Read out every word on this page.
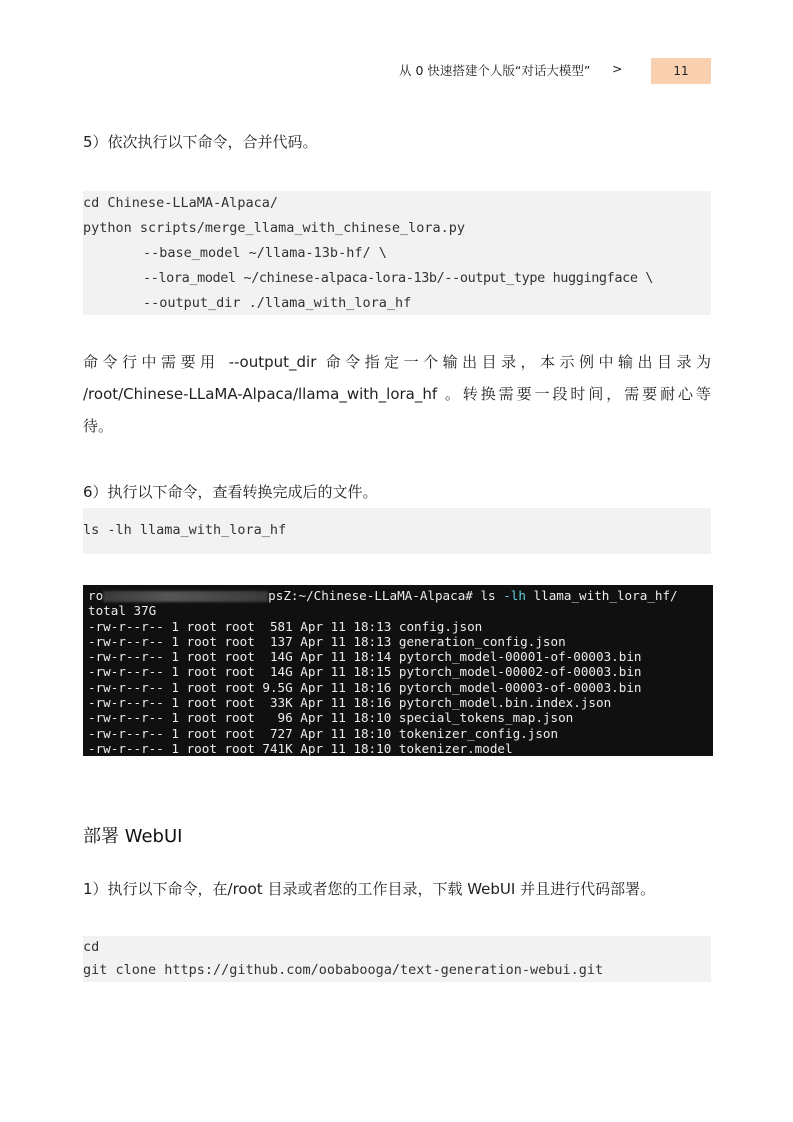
从 0 快速搭建个人版“对话大模型” >	11
5）依次执行以下命令，合并代码。

cd Chinese-LLaMA-Alpaca/

python scripts/merge_llama_with_chinese_lora.py

--base_model ~/llama-13b-hf/ \

--lora_model ~/chinese-alpaca-lora-13b/--output_type huggingface \

--output_dir ./llama_with_lora_hf

命令行中需要用 --output_dir 命令指定一个输出目录，本示例中输出目录为
/root/Chinese-LLaMA-Alpaca/llama_with_lora_hf 。转换需要一段时间，需要耐心等
待。
6）执行以下命令，查看转换完成后的文件。

ls -lh llama_with_lora_hf

ro	psZ:~/Chinese-LLaMA-Alpaca# ls -lh llama_with_lora_hf/
total 37G
-rw-r--r-- 1 root root  581 Apr 11 18:13 config.json
-rw-r--r-- 1 root root  137 Apr 11 18:13 generation_config.json
-rw-r--r-- 1 root root  14G Apr 11 18:14 pytorch_model-00001-of-00003.bin
-rw-r--r-- 1 root root  14G Apr 11 18:15 pytorch_model-00002-of-00003.bin
-rw-r--r-- 1 root root 9.5G Apr 11 18:16 pytorch_model-00003-of-00003.bin
-rw-r--r-- 1 root root  33K Apr 11 18:16 pytorch_model.bin.index.json
-rw-r--r-- 1 root root   96 Apr 11 18:10 special_tokens_map.json
-rw-r--r-- 1 root root  727 Apr 11 18:10 tokenizer_config.json
-rw-r--r-- 1 root root 741K Apr 11 18:10 tokenizer.model
部署 WebUI
1）执行以下命令，在/root 目录或者您的工作目录，下载 WebUI 并且进行代码部署。

cd

git clone https://github.com/oobabooga/text-generation-webui.git
